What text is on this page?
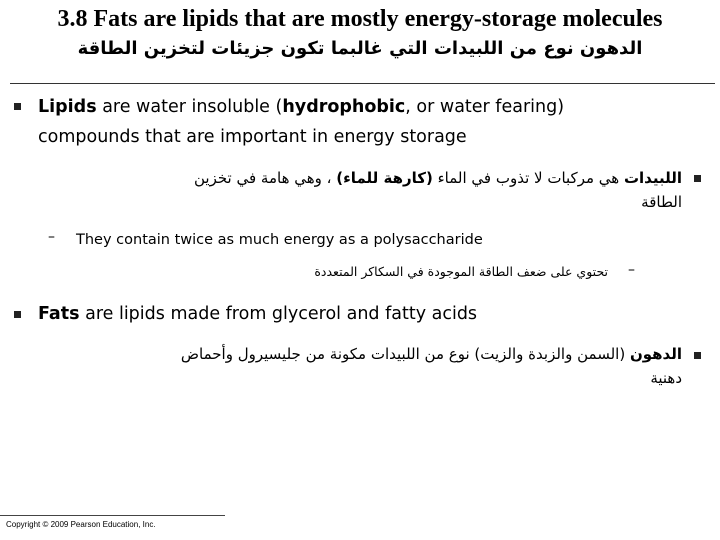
3.8 Fats are lipids that are mostly energy-storage molecules
الدهون نوع من اللبيدات التي غالبما تكون جزيئات لتخزين الطاقة
Lipids are water insoluble (hydrophobic, or water fearing)
compounds that are important in energy storage
اللبيدات هي مركبات لا تذوب في الماء (كارهة للماء) ، وهي هامة في تخزين
الطاقة
– They contain twice as much energy as a polysaccharide
–
تحتوي على ضعف الطاقة الموجودة في السكاكر المتعددة
Fats are lipids made from glycerol and fatty acids
الدهون (السمن والزبدة والزيت) نوع من اللبيدات مكونة من جليسيرول وأحماض
دهنية
Copyright © 2009 Pearson Education, Inc.
